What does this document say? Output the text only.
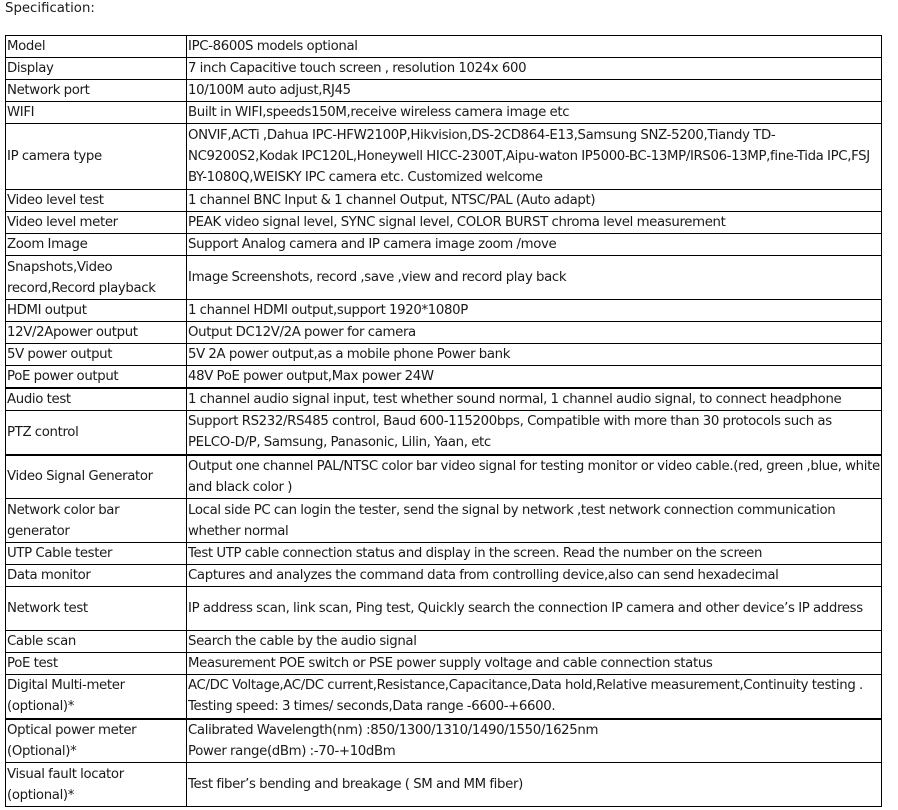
Specification:
Model	IPC-8600S models optional
Display	7 inch Capacitive touch screen , resolution 1024x 600
Network port	10/100M auto adjust,RJ45
WIFI	Built in WIFI,speeds150M,receive wireless camera image etc
IP camera type	ONVIF,ACTi ,Dahua IPC-HFW2100P,Hikvision,DS-2CD864-E13,Samsung SNZ-5200,Tiandy TD-NC9200S2,Kodak IPC120L,Honeywell HICC-2300T,Aipu-waton IP5000-BC-13MP/IRS06-13MP,fine-Tida IPC,FSJ BY-1080Q,WEISKY IPC camera etc. Customized welcome
Video level test	1 channel BNC Input & 1 channel Output, NTSC/PAL (Auto adapt)
Video level meter	PEAK video signal level, SYNC signal level, COLOR BURST chroma level measurement
Zoom Image	Support Analog camera and IP camera image zoom /move
Snapshots,Video record,Record playback	Image Screenshots, record ,save ,view and record play back
HDMI output	1 channel HDMI output,support 1920*1080P
12V/2Apower output	Output DC12V/2A power for camera
5V power output	5V 2A power output,as a mobile phone Power bank
PoE power output	48V PoE power output,Max power 24W
Audio test	1 channel audio signal input, test whether sound normal, 1 channel audio signal, to connect headphone
PTZ control	Support RS232/RS485 control, Baud 600-115200bps, Compatible with more than 30 protocols such as PELCO-D/P, Samsung, Panasonic, Lilin, Yaan, etc
Video Signal Generator	Output one channel PAL/NTSC color bar video signal for testing monitor or video cable.(red, green ,blue, white and black color )
Network color bar generator	Local side PC can login the tester, send the signal by network ,test network connection communication whether normal
UTP Cable tester	Test UTP cable connection status and display in the screen. Read the number on the screen
Data monitor	Captures and analyzes the command data from controlling device,also can send hexadecimal
Network test	IP address scan, link scan, Ping test, Quickly search the connection IP camera and other device’s IP address
Cable scan	Search the cable by the audio signal
PoE test	Measurement POE switch or PSE power supply voltage and cable connection status
Digital Multi-meter (optional)*	AC/DC Voltage,AC/DC current,Resistance,Capacitance,Data hold,Relative measurement,Continuity testing . Testing speed: 3 times/ seconds,Data range -6600-+6600.
Optical power meter (Optional)*	Calibrated Wavelength(nm) :850/1300/1310/1490/1550/1625nm
Power range(dBm) :-70-+10dBm

Visual fault locator (optional)*	Test fiber’s bending and breakage ( SM and MM fiber)
